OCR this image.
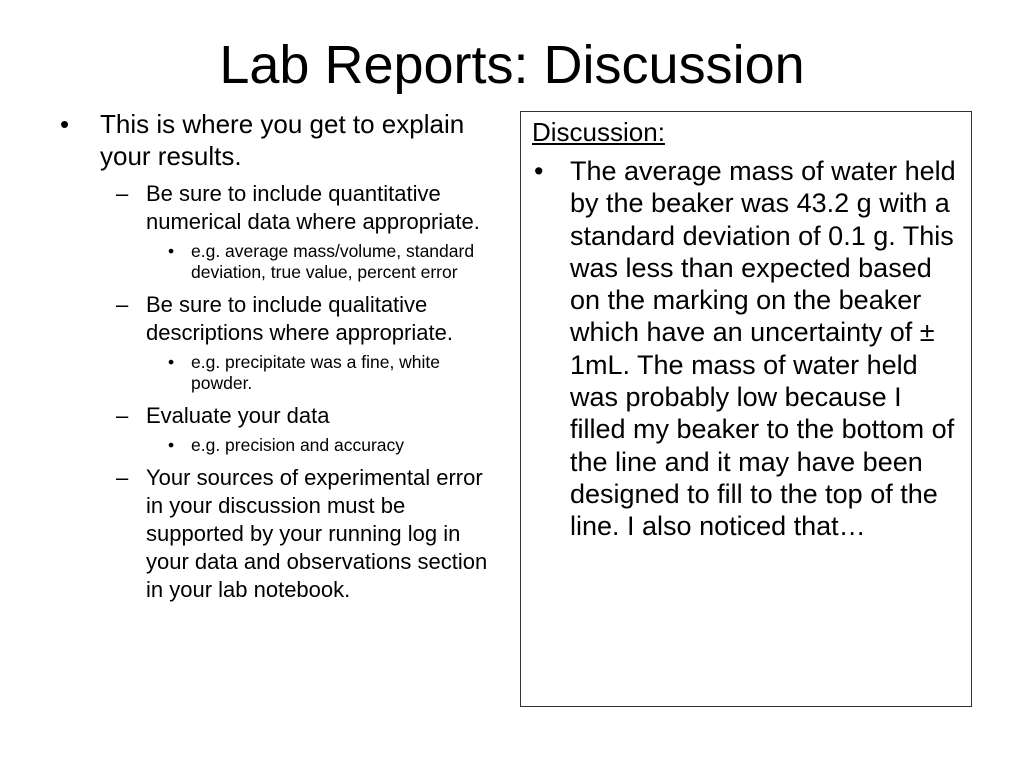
Lab Reports: Discussion
• This is where you get to explain your results.
– Be sure to include quantitative numerical data where appropriate.
• e.g. average mass/volume, standard deviation, true value, percent error
– Be sure to include qualitative descriptions where appropriate.
• e.g. precipitate was a fine, white powder.
– Evaluate your data
• e.g. precision and accuracy
– Your sources of experimental error in your discussion must be supported by your running log in your data and observations section in your lab notebook.
Discussion:
• The average mass of water held by the beaker was 43.2 g with a standard deviation of 0.1 g. This was less than expected based on the marking on the beaker which have an uncertainty of ± 1mL. The mass of water held was probably low because I filled my beaker to the bottom of the line and it may have been designed to fill to the top of the line. I also noticed that…
